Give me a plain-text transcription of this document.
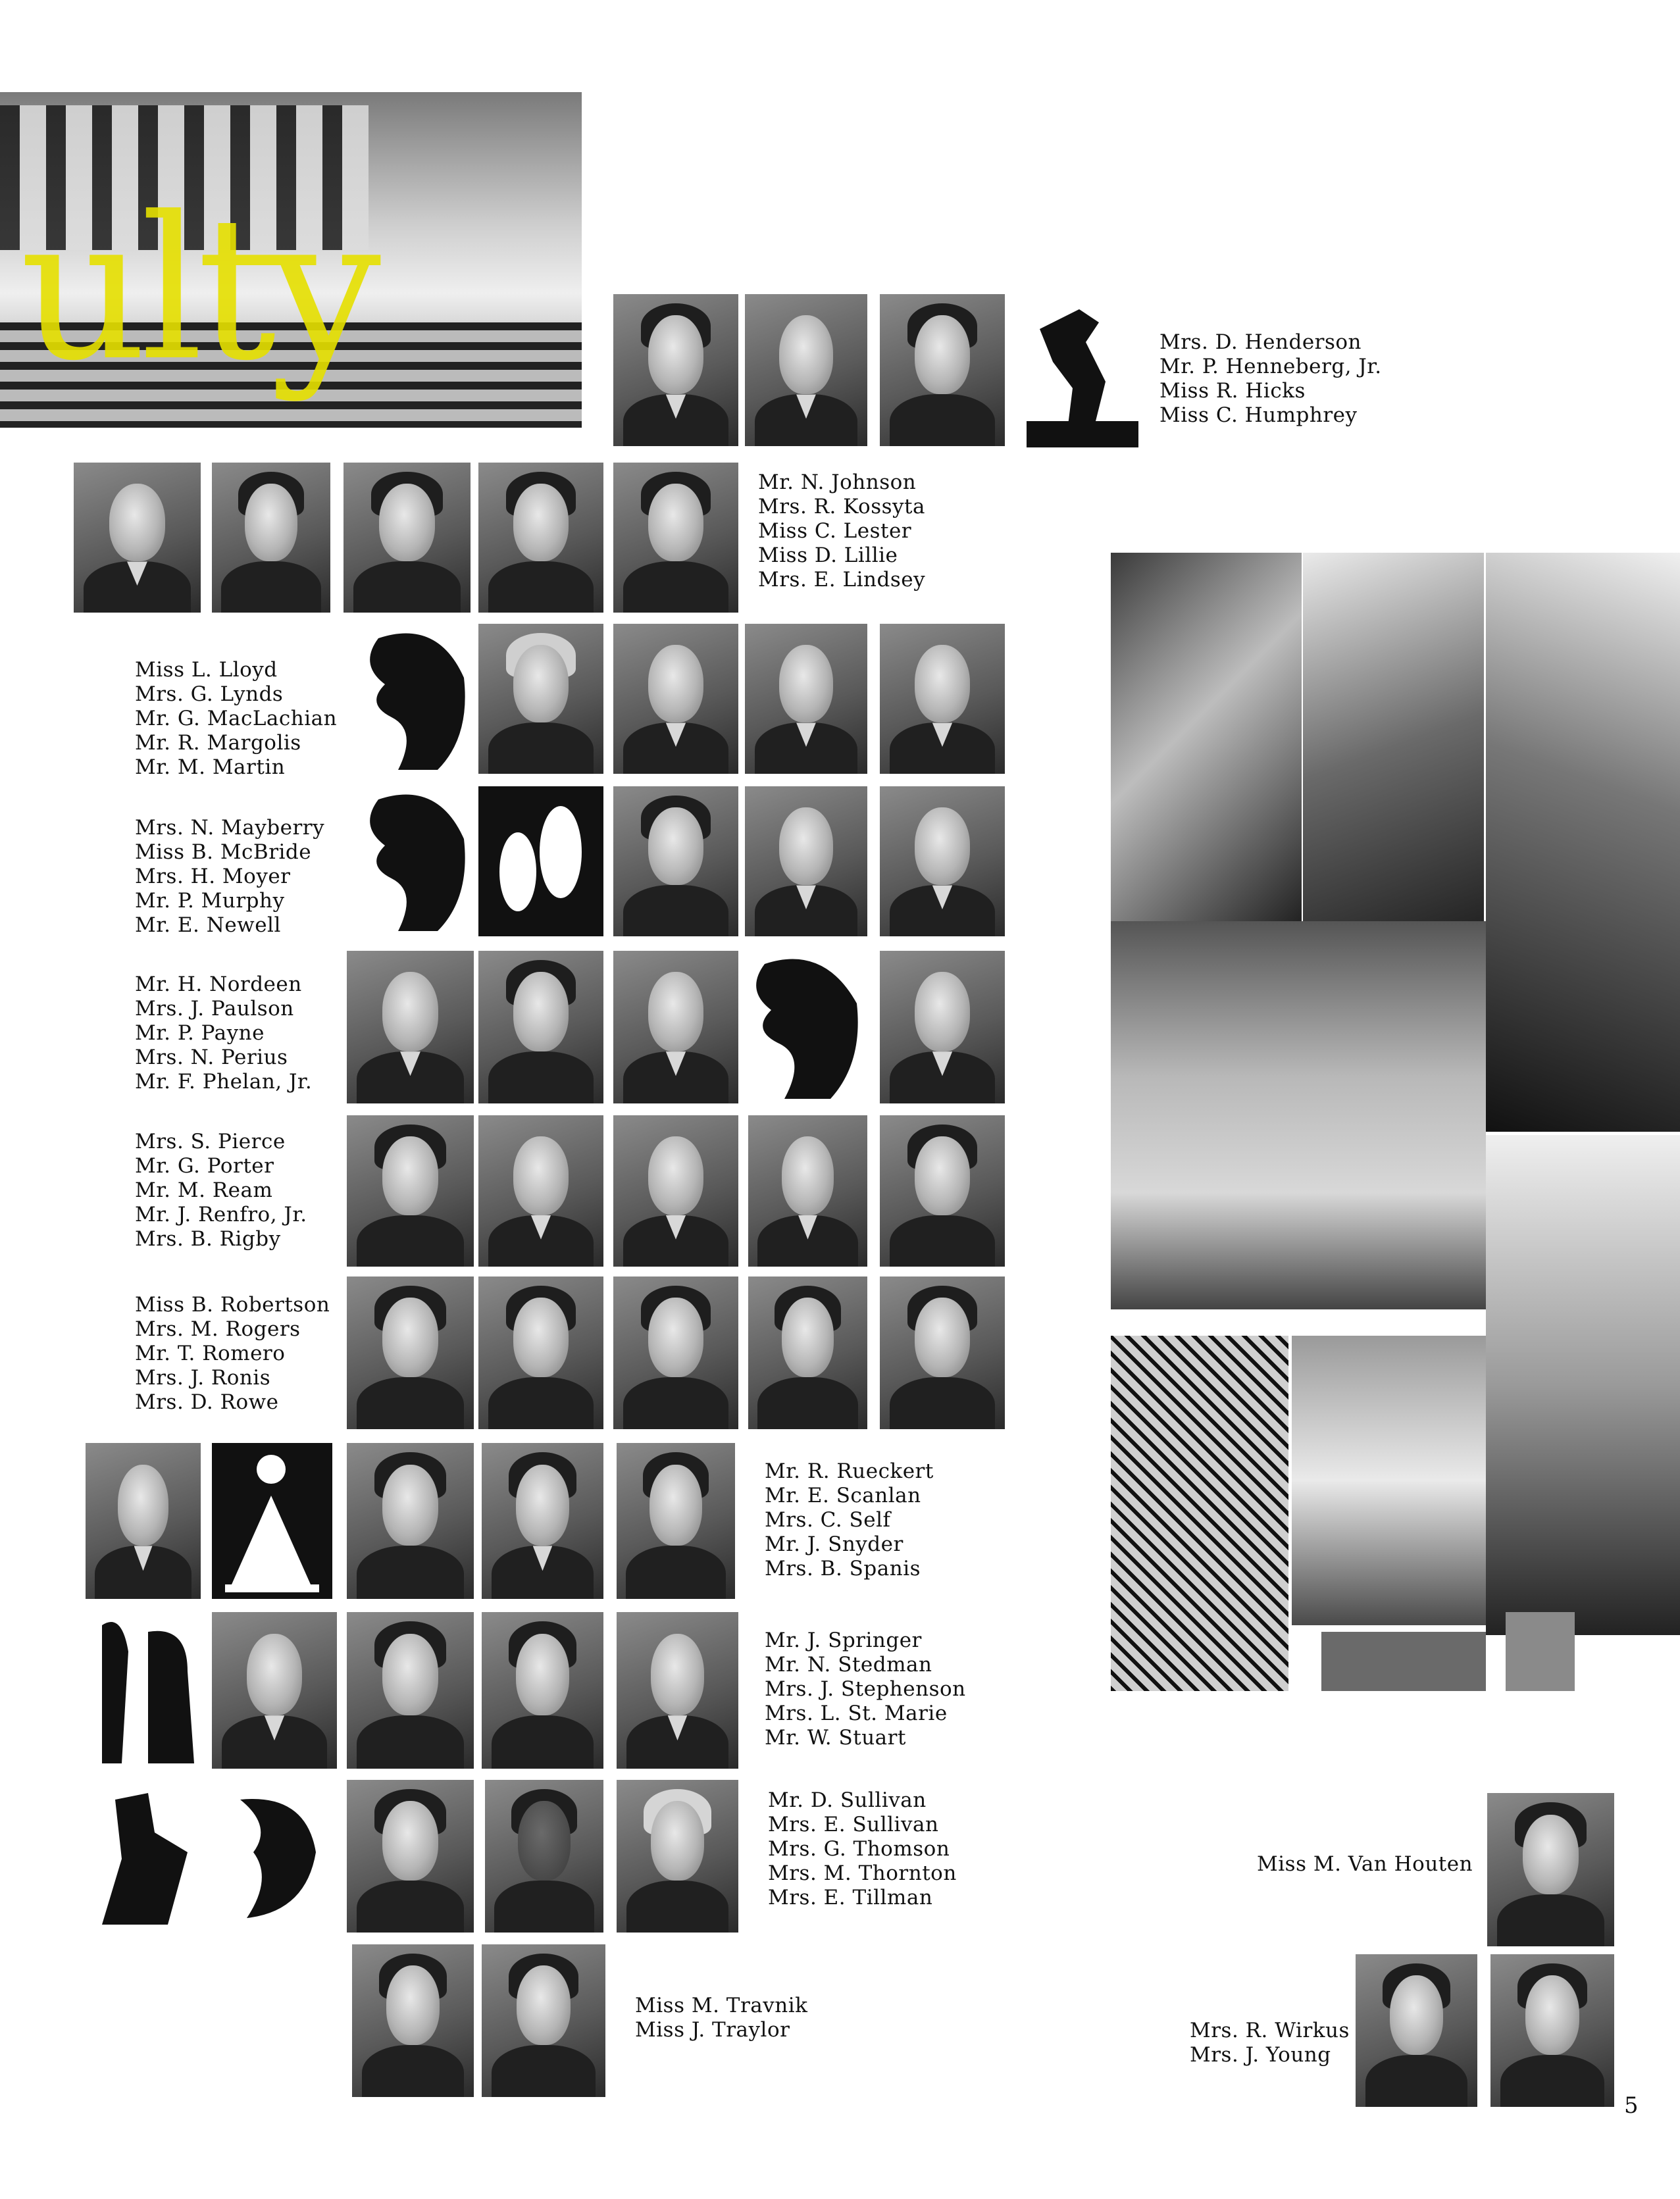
ulty	Mrs. D. Henderson
Mr. P. Henneberg, Jr.
Miss R. Hicks
Miss C. Humphrey
Mr. N. Johnson
Mrs. R. Kossyta
Miss C. Lester
Miss D. Lillie
Mrs. E. Lindsey
Miss L. Lloyd
Mrs. G. Lynds
Mr. G. MacLachian
Mr. R. Margolis
Mr. M. Martin
Mrs. N. Mayberry
Miss B. McBride
Mrs. H. Moyer
Mr. P. Murphy
Mr. E. Newell
Mr. H. Nordeen
Mrs. J. Paulson
Mr. P. Payne
Mrs. N. Perius
Mr. F. Phelan, Jr.
Mrs. S. Pierce
Mr. G. Porter
Mr. M. Ream
Mr. J. Renfro, Jr.
Mrs. B. Rigby
Miss B. Robertson
Mrs. M. Rogers
Mr. T. Romero
Mrs. J. Ronis
Mrs. D. Rowe
Mr. R. Rueckert
Mr. E. Scanlan
Mrs. C. Self
Mr. J. Snyder
Mrs. B. Spanis
Mr. J. Springer
Mr. N. Stedman
Mrs. J. Stephenson
Mrs. L. St. Marie
Mr. W. Stuart
Mr. D. Sullivan
Mrs. E. Sullivan
Mrs. G. Thomson
Mrs. M. Thornton
Mrs. E. Tillman
Miss M. Travnik
Miss J. Traylor
Miss M. Van Houten
Mrs. R. Wirkus
Mrs. J. Young
5
